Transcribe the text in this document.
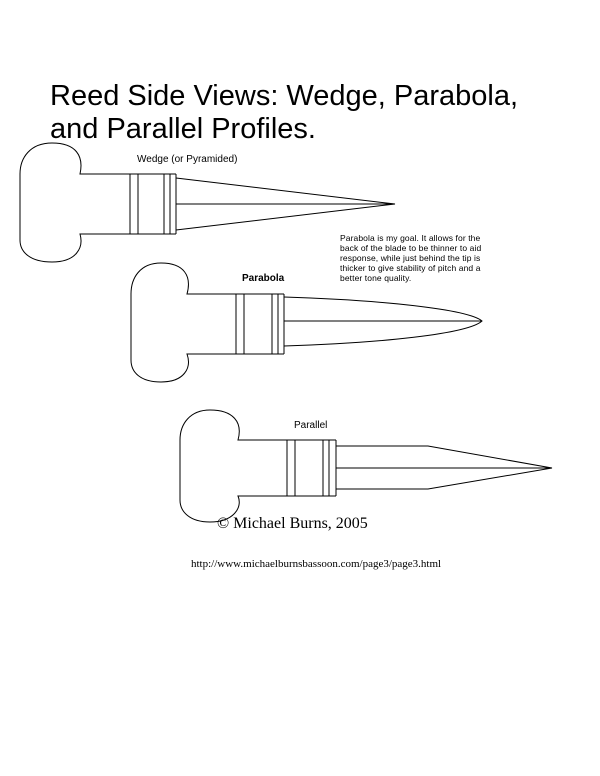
Reed Side Views: Wedge, Parabola,
and Parallel Profiles.
Wedge (or Pyramided)
Parabola
Parallel
Parabola is my goal. It allows for the back of the blade to be thinner to aid response, while just behind the tip is thicker to give stability of pitch and a better tone quality.
© Michael Burns, 2005
http://www.michaelburnsbassoon.com/page3/page3.html
